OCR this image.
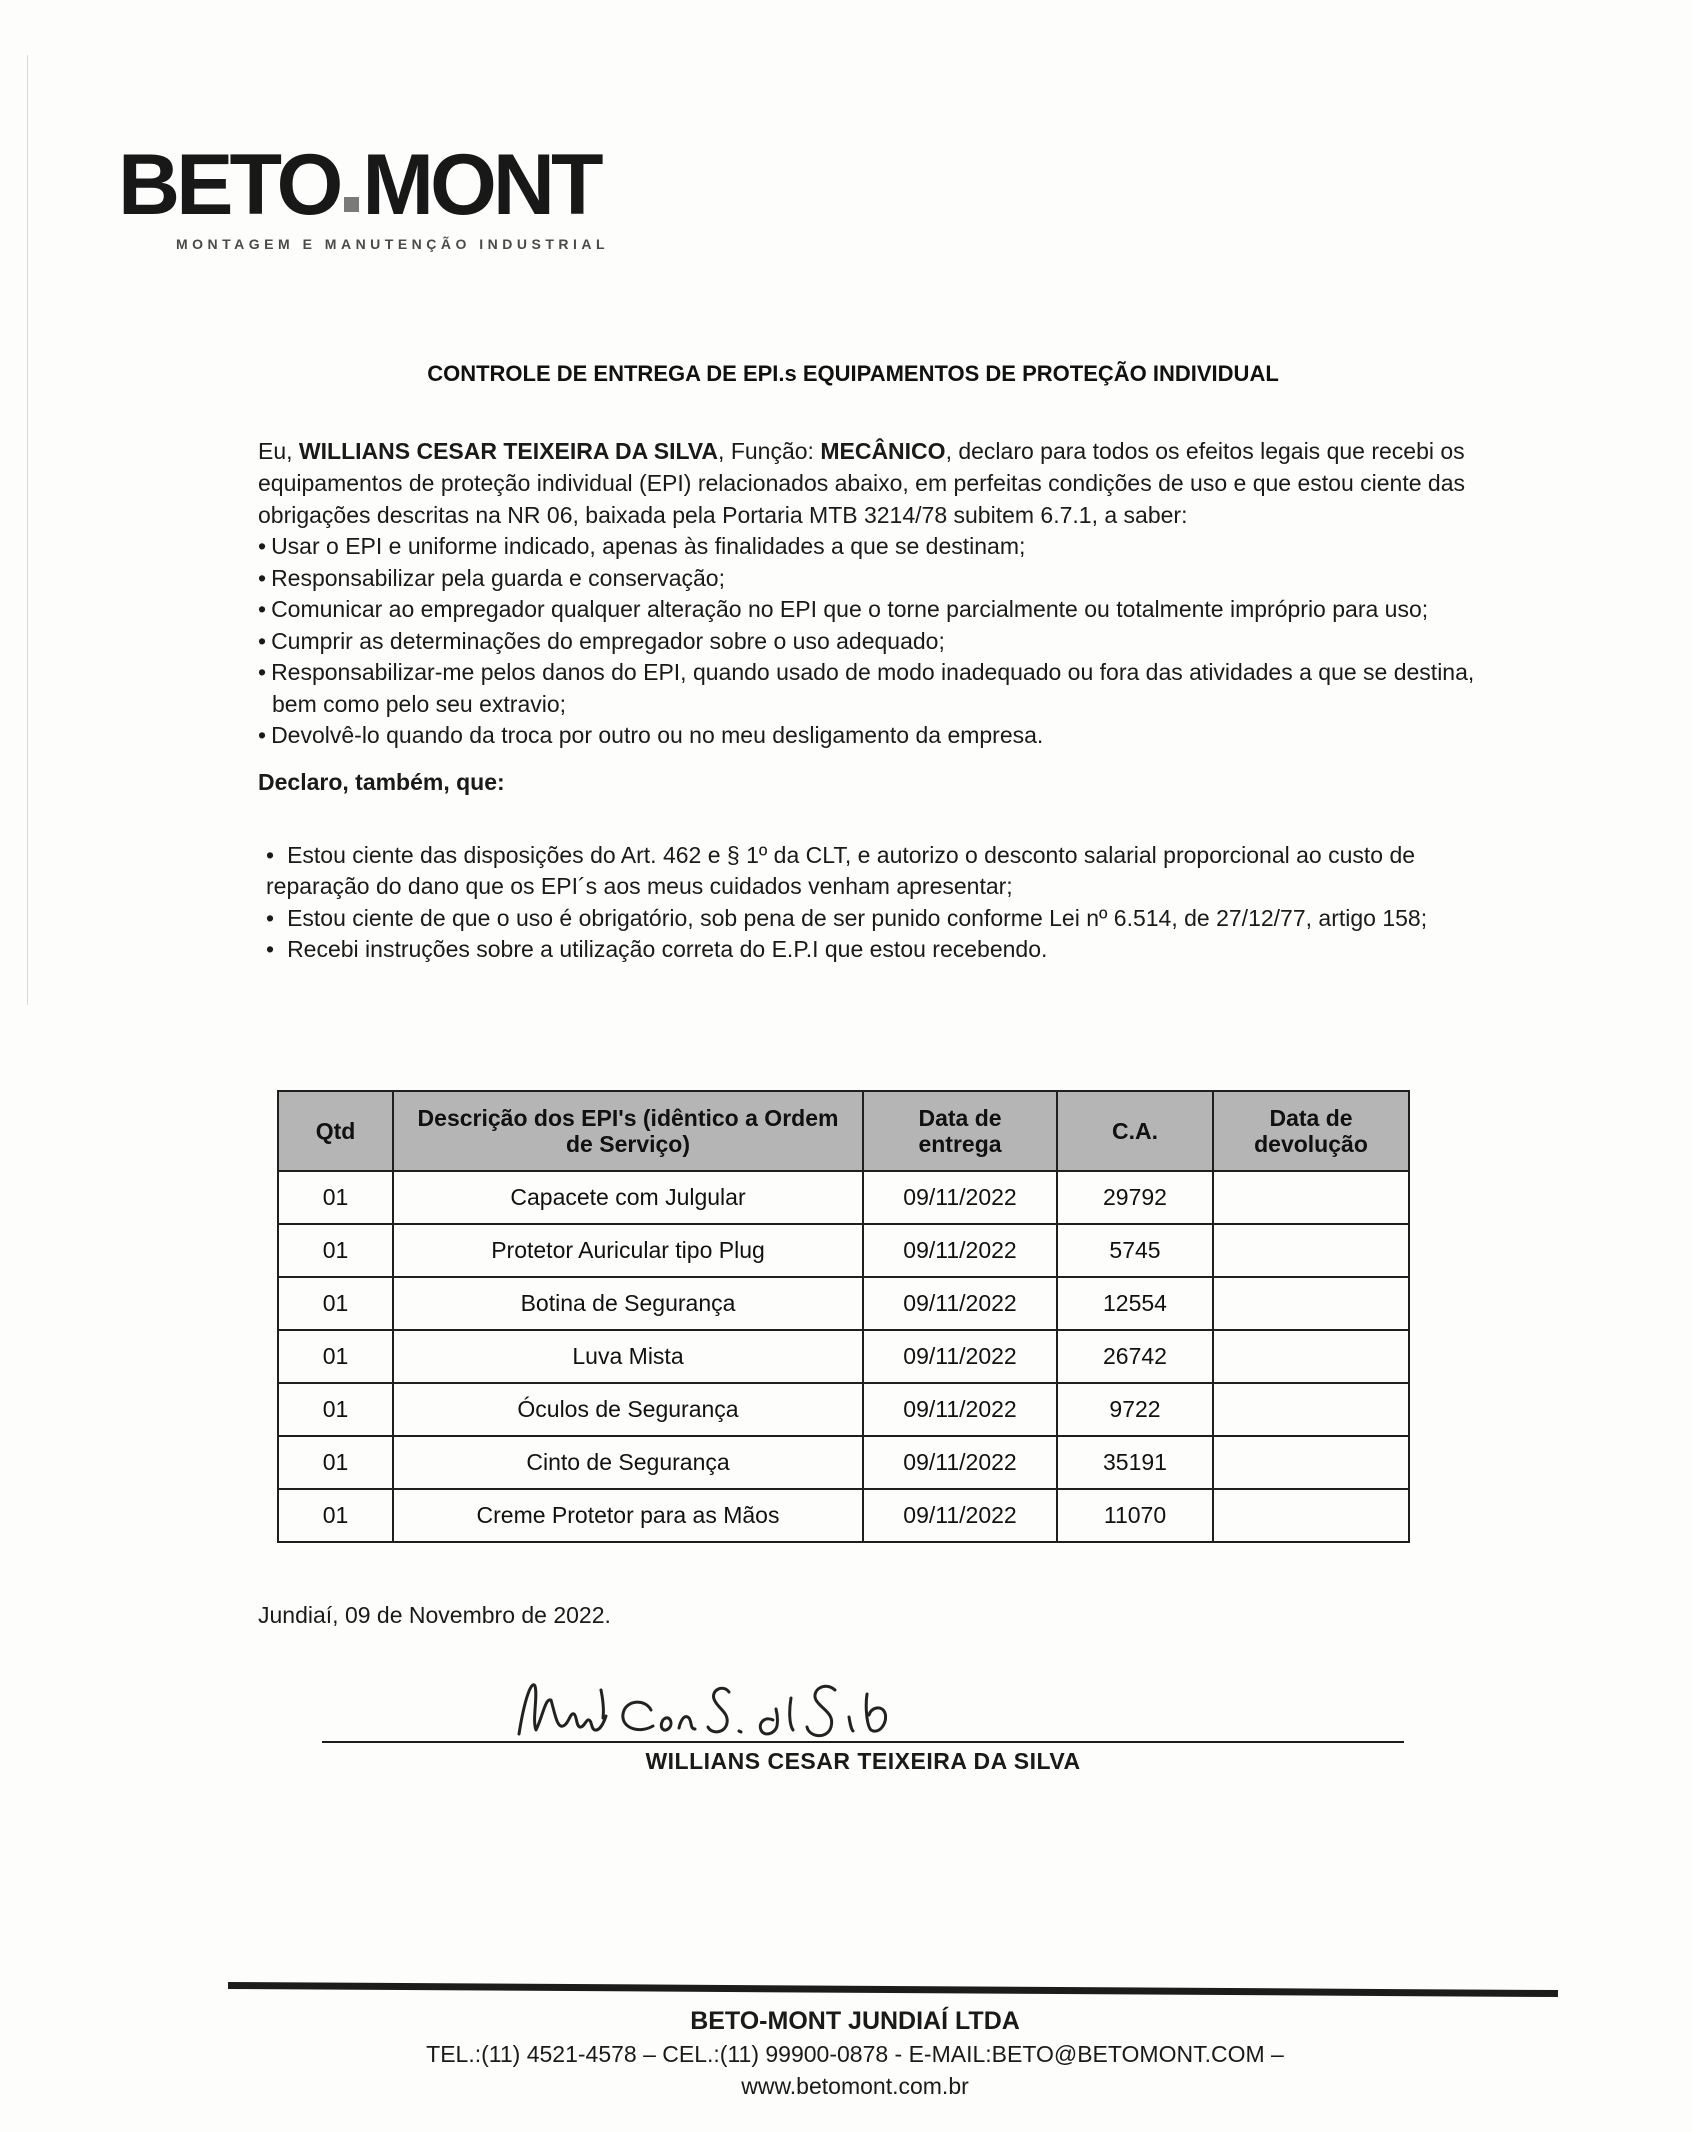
BETO MONT
MONTAGEM E MANUTENÇÃO INDUSTRIAL
CONTROLE DE ENTREGA DE EPI.s EQUIPAMENTOS DE PROTEÇÃO INDIVIDUAL

Eu, WILLIANS CESAR TEIXEIRA DA SILVA, Função: MECÂNICO, declaro para todos os efeitos legais que recebi os equipamentos de proteção individual (EPI) relacionados abaixo, em perfeitas condições de uso e que estou ciente das obrigações descritas na NR 06, baixada pela Portaria MTB 3214/78 subitem 6.7.1, a saber:

• Usar o EPI e uniforme indicado, apenas às finalidades a que se destinam;
• Responsabilizar pela guarda e conservação;
• Comunicar ao empregador qualquer alteração no EPI que o torne parcialmente ou totalmente impróprio para uso;
• Cumprir as determinações do empregador sobre o uso adequado;
• Responsabilizar-me pelos danos do EPI, quando usado de modo inadequado ou fora das atividades a que se destina, bem como pelo seu extravio;
• Devolvê-lo quando da troca por outro ou no meu desligamento da empresa.

Declaro, também, que:

• Estou ciente das disposições do Art. 462 e § 1º da CLT, e autorizo o desconto salarial proporcional ao custo de reparação do dano que os EPI´s aos meus cuidados venham apresentar;
• Estou ciente de que o uso é obrigatório, sob pena de ser punido conforme Lei nº 6.514, de 27/12/77, artigo 158;
• Recebi instruções sobre a utilização correta do E.P.I que estou recebendo.
Qtd	Descrição dos EPI's (idêntico a Ordem de Serviço)	Data de entrega	C.A.	Data de devolução
01	Capacete com Julgular	09/11/2022	29792	
01	Protetor Auricular tipo Plug	09/11/2022	5745	
01	Botina de Segurança	09/11/2022	12554	
01	Luva Mista	09/11/2022	26742	
01	Óculos de Segurança	09/11/2022	9722	
01	Cinto de Segurança	09/11/2022	35191	
01	Creme Protetor para as Mãos	09/11/2022	11070	

Jundiaí, 09 de Novembro de 2022.

WILLIANS CESAR TEIXEIRA DA SILVA
BETO-MONT JUNDIAÍ LTDA
TEL.:(11) 4521-4578 – CEL.:(11) 99900-0878 - E-MAIL:BETO@BETOMONT.COM –
www.betomont.com.br
